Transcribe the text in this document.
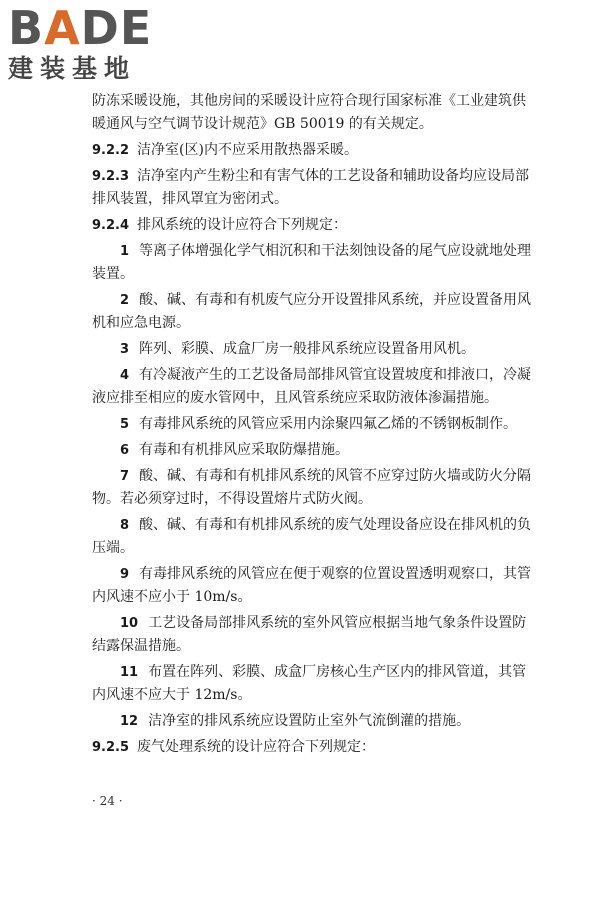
BADE
建装基地

防冻采暖设施，其他房间的采暖设计应符合现行国家标准《工业建筑供暖通风与空气调节设计规范》GB 50019 的有关规定。

9.2.2 洁净室(区)内不应采用散热器采暖。

9.2.3 洁净室内产生粉尘和有害气体的工艺设备和辅助设备均应设局部排风装置，排风罩宜为密闭式。

9.2.4 排风系统的设计应符合下列规定：

1 等离子体增强化学气相沉积和干法刻蚀设备的尾气应设就地处理装置。

2 酸、碱、有毒和有机废气应分开设置排风系统，并应设置备用风机和应急电源。

3 阵列、彩膜、成盒厂房一般排风系统应设置备用风机。

4 有冷凝液产生的工艺设备局部排风管宜设置坡度和排液口，冷凝液应排至相应的废水管网中，且风管系统应采取防液体渗漏措施。

5 有毒排风系统的风管应采用内涂聚四氟乙烯的不锈钢板制作。

6 有毒和有机排风应采取防爆措施。

7 酸、碱、有毒和有机排风系统的风管不应穿过防火墙或防火分隔物。若必须穿过时，不得设置熔片式防火阀。

8 酸、碱、有毒和有机排风系统的废气处理设备应设在排风机的负压端。

9 有毒排风系统的风管应在便于观察的位置设置透明观察口，其管内风速不应小于 10m/s。

10 工艺设备局部排风系统的室外风管应根据当地气象条件设置防结露保温措施。

11 布置在阵列、彩膜、成盒厂房核心生产区内的排风管道，其管内风速不应大于 12m/s。

12 洁净室的排风系统应设置防止室外气流倒灌的措施。

9.2.5 废气处理系统的设计应符合下列规定：

· 24 ·
